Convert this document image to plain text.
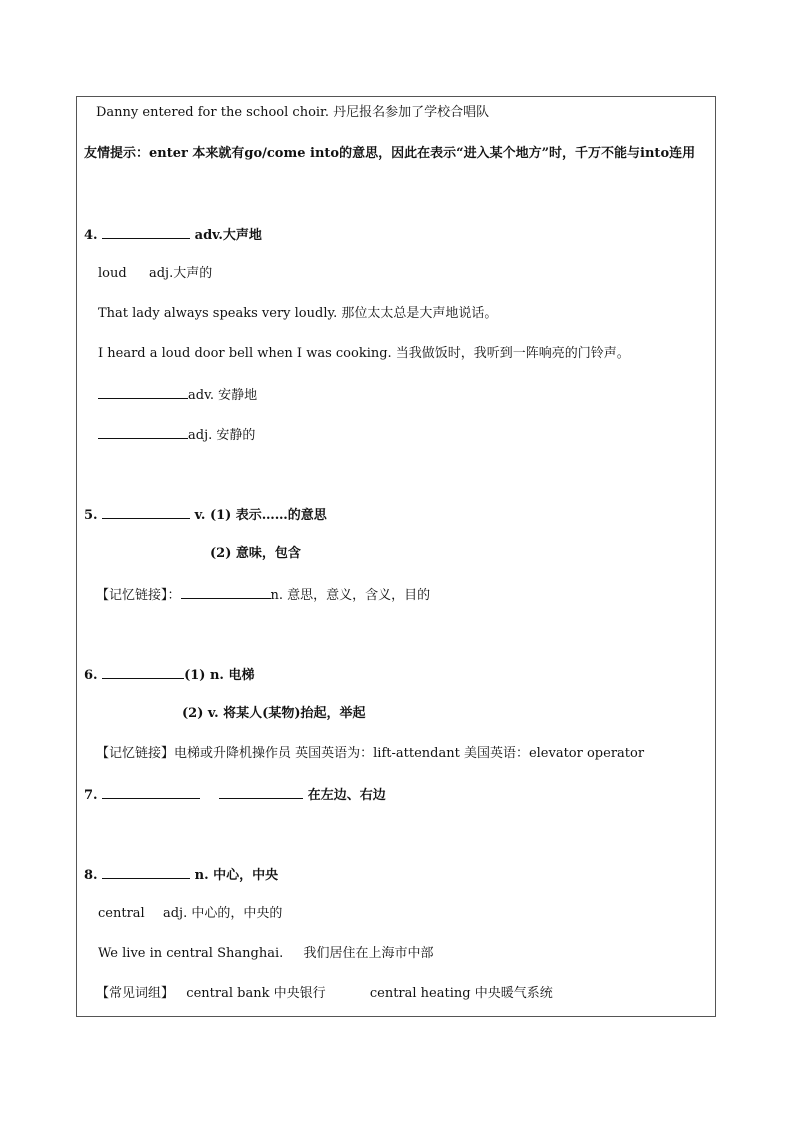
Danny entered for the school choir. 丹尼报名参加了学校合唱队
友情提示：enter 本来就有go/come into的意思，因此在表示“进入某个地方”时，千万不能与into连用
4.	adv.大声地
loud adj.大声的
That lady always speaks very loudly. 那位太太总是大声地说话。
I heard a loud door bell when I was cooking. 当我做饭时，我听到一阵响亮的门铃声。
adv. 安静地
adj. 安静的
5.	v. (1) 表示……的意思
(2) 意味，包含
【记忆链接】：	n. 意思，意义，含义，目的
6.	(1) n. 电梯
(2) v. 将某人(某物)抬起，举起
【记忆链接】电梯或升降机操作员 英国英语为：lift-attendant 美国英语：elevator operator
7.	在左边、右边
8.	n. 中心，中央
central adj. 中心的，中央的
We live in central Shanghai. 我们居住在上海市中部
【常见词组】 central bank 中央银行	central heating 中央暖气系统
